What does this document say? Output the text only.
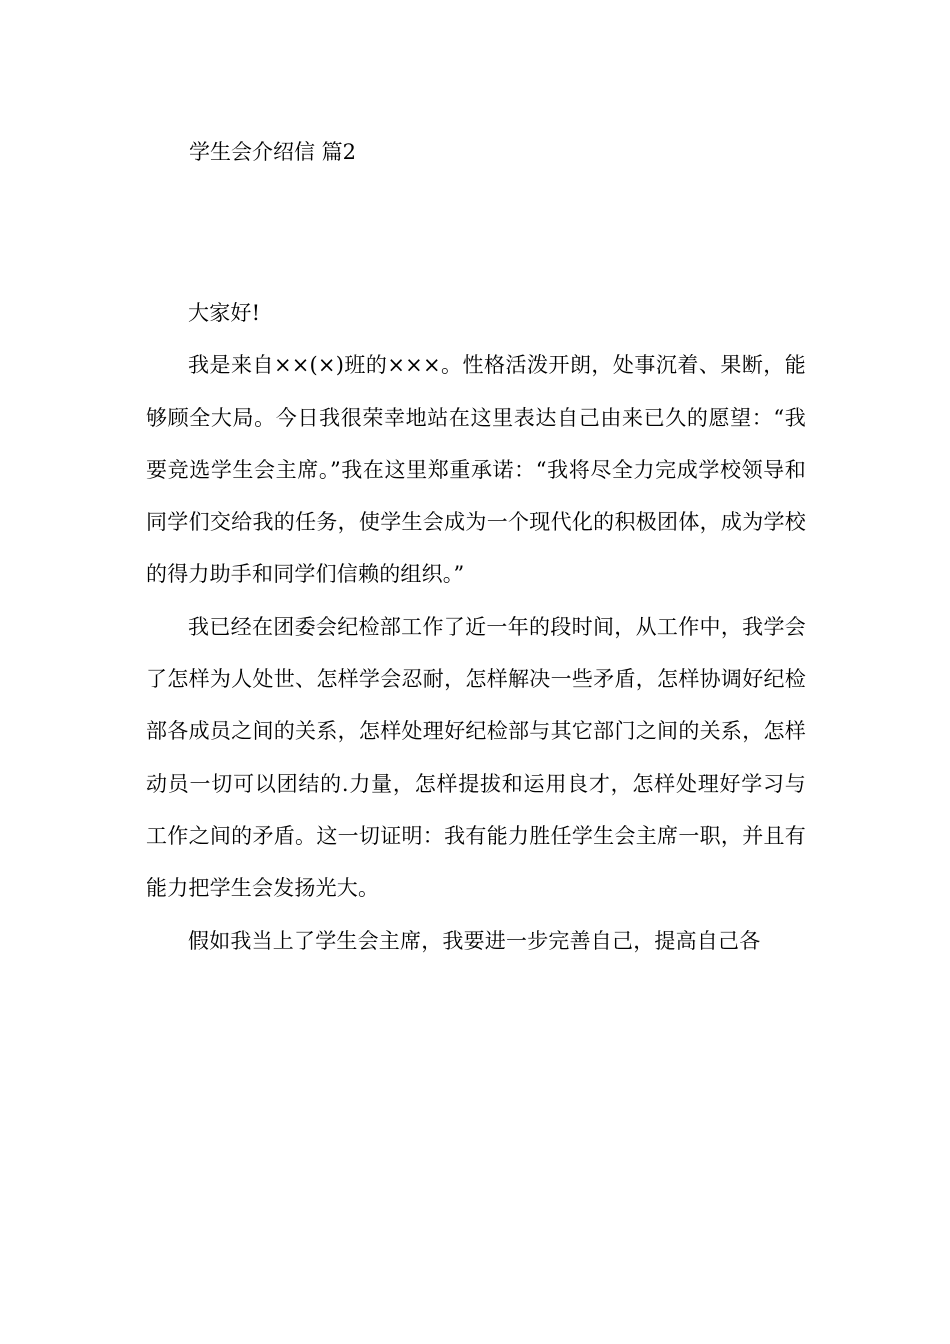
学生会介绍信 篇2

大家好!

我是来自××(×)班的×××。性格活泼开朗，处事沉着、果断，能够顾全大局。今日我很荣幸地站在这里表达自己由来已久的愿望：“我要竞选学生会主席。”我在这里郑重承诺：“我将尽全力完成学校领导和同学们交给我的任务，使学生会成为一个现代化的积极团体，成为学校的得力助手和同学们信赖的组织。”

我已经在团委会纪检部工作了近一年的段时间，从工作中，我学会了怎样为人处世、怎样学会忍耐，怎样解决一些矛盾，怎样协调好纪检部各成员之间的关系，怎样处理好纪检部与其它部门之间的关系，怎样动员一切可以团结的.力量，怎样提拔和运用良才，怎样处理好学习与工作之间的矛盾。这一切证明：我有能力胜任学生会主席一职，并且有能力把学生会发扬光大。

假如我当上了学生会主席，我要进一步完善自己，提高自己各
